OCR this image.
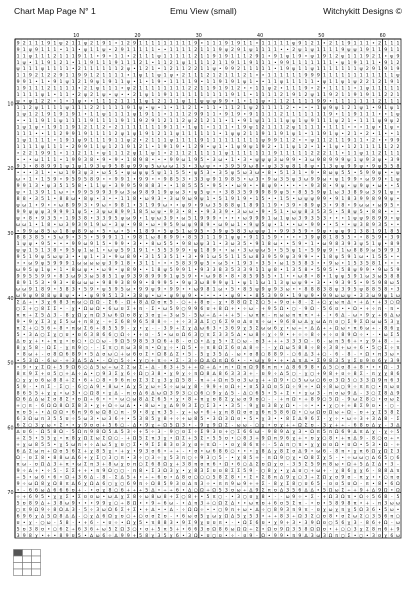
Chart Map Page N° 1	Emu View (small)	Witchykitt Designs ©
9 2 1 1 1 9 1 ψ 2 1 1 ψ 2 1 9 1 • 1 2 9 1 1 1 1 1 1 1 1 1 9 • 1 1 1 9 1 9 1 1 • 1 1 1 1 1 ψ 9 1 2 1 • 2 1 1 9 1 1 1 • 2 1 1 1
9 1 ψ 9 1 1 1 • 1 1 • ψ 1 1 ψ • 2 9 1 1 1 1 1 • • 1 1 1 1 2 1 1 1 9 ψ 2 9 1 ψ 1 1 1 1 • • 2 ψ 1 ψ 1 1 1 1 9 ψ ψ 1 9 1 1 9 1 1
1 1 ψ 1 1 1 2 1 1 1 9 1 1 • 9 • 1 1 • 2 1 1 1 ψ 1 1 1 1 1 2 1 1 9 1 9 1 1 1 2 9 1 • 9 1 ψ 1 9 • ψ 1 9 1 2 ψ 1 1 1 9 2 1 • ψ 9
1 ψ • 1 1 9 1 2 1 • 1 1 9 1 1 1 9 1 1 1 2 1 • 1 1 2 1 ψ 1 1 1 1 2 1 1 9 1 1 9 1 1 1 • 9 9 1 1 1 1 1 1 1 • ψ 1 9 1 1 1 • 9 1 2
ψ 1 1 1 ψ 1 1 1 1 • 2 1 1 1 1 1 1 2 ψ • 1 2 1 • 1 2 1 1 2 2 1 1 ψ • 9 9 2 1 1 1 1 1 • 1 9 ψ 1 1 ψ 1 1 1 1 1 1 1 ψ 2 9 1 9 1 9
1 1 9 2 1 2 2 9 1 1 9 9 1 2 1 1 1 1 • 1 ψ 1 1 ψ 1 ψ • 2 1 1 1 2 1 2 1 1 1 2 1 • • 1 1 1 1 1 1 9 9 9 1 1 1 1 1 1 1 1 1 1 1 1 ψ
9 9 1 • 1 • 9 1 ψ 1 2 1 9 ψ 1 9 1 1 ψ • 1 • 1 9 • 1 1 1 1 9 • 1 1 9 1 9 1 ψ 1 • • 1 1 ψ 1 1 1 1 1 • ψ 1 1 ψ 1 ψ 2 2 1 2 1 9 1
1 9 1 1 1 2 1 1 1 1 • 2 1 ψ 1 1 1 • ψ 2 1 1 1 1 1 1 1 1 2 2 1 1 9 1 9 1 2 • • 1 1 ψ 2 • 1 1 1 9 • 2 • 1 1 1 1 • 1 ψ 1 1 1 1 1
1 1 1 1 ψ 1 • 1 1 • 2 ψ 2 1 ψ • ψ • • 2 1 ψ 1 1 9 1 1 1 1 1 1 1 1 1 1 9 1 1 • 1 1 1 1 2 1 9 1 2 ψ 1 1 9 2 1 1 9 1 9 1 1 2 2 1
ψ • ψ 1 2 2 • 1 • 1 ψ • • 1 1 1 2 1 1 1 1 ψ 1 2 1 1 1 ψ 1 1 ψ ψ ψ 9 9 • 1 • 1 1 ψ • 1 1 2 1 1 1 1 9 9 • 1 1 1 1 1 1 1 2 1 1 1
1 1 2 ψ 1 1 1 1 ψ 1 1 1 2 2 1 1 1 1 9 1 ψ • ψ • 1 • 1 1 2 1 • 1 1 • 1 1 2 1 ψ 2 1 1 1 1 2 • • • • 1 ψ 9 ψ 1 2 1 ψ 1 • 9 1 ψ 1
1 ψ 1 2 1 9 1 9 1 9 1 • 1 1 ψ 1 1 1 1 ψ 1 9 1 1 • 1 1 1 2 9 9 1 1 • 9 1 9 • 9 1 1 1 1 2 1 1 1 1 1 1 1 9 • 1 1 9 1 1 1 • • 1 ψ
• • 1 1 9 1 1 ψ 1 1 1 1 9 1 1 1 1 9 1 1 9 2 9 1 2 1 1 2 ψ 2 1 2 1 1 • 1 • 9 1 ψ 1 1 1 1 ψ ψ 1 ψ 9 1 1 1 ψ 2 1 • 1 1 1 ψ 9 ψ 2
1 ψ 1 ψ • 1 9 1 1 9 1 2 1 1 2 • 2 1 1 1 1 1 1 1 9 1 1 • 1 ψ 1 • 1 1 1 • 1 9 ψ 1 2 1 1 1 2 ψ 1 1 1 1 • 1 1 1 • • • 1 ψ • 1 ψ •
1 1 1 • • 1 1 2 9 9 1 9 1 1 1 1 2 ψ 1 ψ 1 9 1 2 1 1 ψ 1 1 1 1 1 1 • 1 ψ ψ 2 1 1 9 1 1 9 1 ψ 1 • 1 1 9 1 ψ • 2 1 • 2 • 1 • • 1
1 ψ 1 1 1 1 • 1 9 1 ψ 9 1 1 1 9 1 1 ψ 2 • 2 1 1 1 ψ 1 1 1 1 9 1 1 1 1 1 1 1 1 1 ψ 9 9 1 1 2 • • ψ 1 1 2 1 1 9 1 1 • 2 • • 9 9
1 1 1 1 ψ 1 1 1 • 2 9 9 1 1 ψ 1 2 1 9 1 2 1 • 1 9 1 9 • 1 2 9 • ψ 1 • 1 ψ 9 ψ 1 9 2 • 1 1 ψ 1 2 • 1 • 1 ψ • 1 2 1 1 1 1 1 2 2
• 2 2 1 9 9 1 • 1 1 2 1 1 • ψ 1 1 1 2 ψ 1 1 ψ 1 • 2 1 1 2 1 1 1 1 1 ψ 1 1 1 1 1 1 1 9 1 1 1 1 1 2 2 2 1 1 • 1 1 ψ 1 1 2 1 1 1
• • • ω 1 1 1 • 1 9 9 3 8 • 9 • 9 • 1 8 9 8 • • • 9 9 ω 1 9 5 • 3 ω • 1 • 3 • ψ ψ ψ 3 ω 9 9 • 3 ω 9 8 9 9 9 ψ 1 ψ 9 3 ψ • 3 9
9 3 • 8 8 9 9 1 ψ 1 ψ 1 9 3 ψ 9 5 8 ψ 9 9 ψ 5 ω ω ω 1 3 • 3 ω ψ • • 3 9 5 9 ω 8 • ψ 3 3 ψ 8 1 8 ψ • 1 3 ψ ψ 9 9 ψ • 9 ψ 5 5 8
• • • 3 1 • • ω 1 9 3 ψ 3 • ω 5 5 • ψ ω ψ ψ 5 ψ 1 1 5 5 • ψ 5 3 • 3 5 ψ 5 ω 3 ω • 8 • 5 1 3 1 • 9 • 8 ω ψ 5 5 • 5 9 9 ψ • • ψ
ω • 1 • 1 5 9 • 9 5 9 5 8 9 • • 9 9 1 • 9 9 • • 9 8 5 3 • 3 3 ψ 9 1 9 8 5 • ω 3 • 9 ω 3 5 ψ 3 ω 9 9 ω • ψ 1 9 9 • ω 9 9 • 1 ψ
9 9 1 3 • ψ 3 5 1 5 8 • 1 1 ψ • 3 9 9 5 9 8 8 3 • • 1 8 5 5 5 • 9 5 • • ω 9 • • 8 ψ 9 • • • • • 9 3 8 • 9 ψ • ψ 9 ψ • ω • • 5
ψ • 1 3 9 1 1 ω • • 9 9 5 9 9 3 9 ω 3 ω 9 8 9 1 9 ψ ω 3 • ψ 5 ψ • • 3 8 3 5 9 9 9 8 9 ψ 5 • 8 5 5 9 ψ 1 ω 3 3 8 9 ω 3 9 1 ψ •
8 8 • 3 5 1 • 8 8 ω • 8 ψ • 3 • • 1 1 8 • ω 9 3 • 3 ω 9 ω 9 ψ 1 • 5 1 9 1 9 • 1 5 • • 1 5 • ω ψ ψ 9 9 • 9 1 8 3 9 9 8 9 9 ψ •
ψ ω 1 • 9 • • ω 8 9 9 3 • 9 ω • 9 8 1 • 3 1 9 9 ω • • ψ 9 • 9 ω 3 5 8 8 ψ 1 8 9 1 1 9 • 3 9 • 8 9 ψ 3 • 9 8 • 9 ω ω • ω 9 5 •
9 9 ψ ψ ψ 3 9 9 9 1 ψ 5 • 3 ψ ω 8 9 9 1 8 5 ω ψ • 9 3 • 8 • • 9 3 3 9 • 3 ω ω • 9 • 5 1 • ω ψ 8 3 5 3 5 • 5 8 ψ 5 • 8 8 • • •
ψ • 8 • 9 3 5 • 1 9 3 8 • 3 3 9 5 ψ ω 9 • 1 ψ ω 3 9 • ω 5 1 9 9 9 • • • • ω 9 9 9 1 ω 1 ψ ω 3 9 3 5 3 • • • 1 ψ ψ 9 8 9 9 • ψ
ω ω 1 • 1 8 • ω 3 9 3 9 1 9 ω • 3 ψ • 9 8 • ω • 9 5 9 ω ψ 9 8 9 • ω 9 ω 1 • 9 ψ 5 ψ • 1 • • ω • 9 9 • • 5 • • ψ 3 8 9 3 5 • •
• 9 9 ω 8 5 ω 1 8 ψ 8 9 ω • 5 • ω • 5 • 1 8 9 • 5 ψ 5 1 ω 9 5 • 3 9 ψ 5 8 3 ω ψ ψ 1 • 9 9 3 5 9 • 9 ψ • ψ ψ 9 1 3 8 1 9 1 8 5
8 8 3 8 5 • 5 ω 9 • 3 5 • 5 9 9 1 1 • 9 8 1 ω 8 8 9 9 • 8 5 3 1 1 9 1 ψ ψ • 9 1 1 5 9 • • • • 3 9 ψ 8 1 8 5 5 • • 8 5 9 • 3 9
1 ψ ψ • 9 5 • • • 9 9 ω 9 1 5 • 9 9 • 3 • • 8 ω 5 5 • 9 8 ω ψ 3 1 • 3 ω 3 5 • 9 1 8 ω • • 5 9 • 1 • ω 9 8 3 9 3 ψ 5 1 ψ • 8 9
ψ ψ 1 5 1 3 8 • 9 5 ψ 1 ω 1 • ω ψ 5 9 1 9 1 • 5 5 3 9 9 • ψ 1 8 9 • • ω • 3 ω ψ ω 5 • 5 5 ψ 1 • 5 9 ψ 9 • 1 ω 8 8 9 ω 5 9 9 3
9 5 1 9 ψ 5 ω ψ 3 • • ψ 1 • 3 • 9 ω 8 9 • 3 1 5 3 5 1 • 3 • 9 1 ω 5 5 1 1 5 ω 8 3 9 5 9 ψ 3 9 9 • • 1 8 ψ 5 9 1 ω • 1 5 5 • •
• • ω 9 ψ 5 9 9 9 1 ω ω ω ω ψ 3 9 1 8 • 3 1 1 • • • 5 8 3 9 ψ 5 • ω 5 • 1 9 3 • 3 5 • ω 1 5 5 8 3 • • 9 ω • 1 5 3 5 8 1 • • •
ω 9 5 ψ 1 ψ • 1 • 8 ω ψ • • ω 9 • ψ 8 9 • • 1 8 ψ 5 9 9 1 • 9 3 3 8 3 5 3 3 9 1 1 ψ 8 • 1 3 5 8 • 5 9 5 • 5 8 ψ 9 9 • 9 ω 5 9
9 9 5 5 9 9 • 8 3 ω 9 3 ω 5 8 5 1 ψ 9 3 9 8 9 9 9 1 ψ 5 9 • • ω 9 8 • 8 • 8 5 9 5 5 • 1 • • ω 8 • 8 • 1 ψ ψ 5 9 1 ω 3 ω 5 8 8
8 9 1 5 3 • 9 3 • 8 ω ω ω • 9 8 9 3 8 9 9 • 8 9 9 5 • 9 ψ 3 ω 8 9 9 ψ 1 • ψ 1 1 ω 1 1 3 ψ ω ψ 9 • 3 • • 9 3 9 5 • 9 5 9 8 ω 5
ω ω 9 1 8 9 • 5 8 3 • 5 9 • ψ 5 9 5 ω • 9 9 ψ 9 • 9 9 • • ω 9 8 1 ω • 5 • 8 5 ψ 9 ψ 9 3 ω • • 8 8 8 3 8 ψ 3 9 5 ψ 8 8 5 8 • 3
ω 9 ψ 9 8 8 ψ 8 ψ • • • ψ 9 9 5 1 3 • 3 8 ψ • ω • ψ 9 ψ 9 • • • • • • ψ 9 • • 8 5 3 9 9 • 1 9 ψ 9 • 9 9 ω ω ψ • 3 3 ω 9 ψ 1 ω
Σ ∆ ÷ • 3 χ 6 8 3 π ω ○ Ω Ω - Σ 6 - Ω + 8 ∆ Ω ʊ π 5 - ○ ÷ + 8 ʊ - χ • 8 8 Ω Σ Σ ○ 5 ÷ 9 ʊ + 8 - Σ ÷ ○ χ ω π ∆ • + ∆ • + 3 ○ Ω
○ Σ + ○ 8 Σ Σ • - χ • Ω ω Ω • 6 ω ʊ Σ + π - Σ • ω 5 9 ○ 9 9 6 ʊ + 8 Ω + • ÷ ω - + 9 5 Ω • ○ - 9 Ω - 5 6 ʊ • • Ω • + ÷ π - π •
π π ÷ Σ 5 ∆ 3 - 8 χ Ω χ π Ω 3 ω 6 Ω ʊ 8 χ 3 ʊ χ ÷ 3 ω 5 - 5 ω ÷ ∆ ÷ + + 5 - ω π π - π ω ω π π π • + - • 6 ∆ - ω • 9 χ ÷ 6 ∆ ω
9 • 9 χ Σ 3 χ Σ 5 ω + π 8 χ - + Σ 6 8 9 6 5 8 8 ÷ - + ÷ 3 3 ∆ Σ ○ 6 Σ 9 ʊ ∆ ʊ π ÷ ω • 9 6 8 ω ∆ χ ω ∆ π ʊ ○ Σ 9 Σ Ω ω ω 5 3 χ
π Σ + ○ 5 6 ÷ 8 • π ω Σ 6 ÷ 8 5 5 9 - χ • χ - - 3 9 ÷ Σ χ ∆ ω 6 3 • 3 6 9 χ 5 Σ ω ω 6 χ • ω ÷ • ∆ ∆ ÷ ÷ Ω ω • π 6 ω ÷ - 8 6 χ
5 • 3 ∆ ○ Σ χ ○ ʊ • ʊ 6 3 8 6 6 ○ Ω ÷ • + ʊ - 5 • ω ʊ Ω 6 3 ○ π Σ 3 3 5 ∆ • ω 8 ÷ χ ÷ 9 • + ÷ ÷ 8 ÷ + ÷ ʊ 8 9 Ω ÷ • - • ω Σ 5
∆ ʊ χ + • ÷ π χ • ʊ ○ • ○ ○ ω - 9 Ω 5 9 8 5 3 Ω 6 + 8 - ʊ ○ • ∆ χ 5 • Σ ○ ω - ʊ 3 ÷ + ÷ 3 3 3 Ω - 6 - ω π 5 6 + • χ 9 + 8 - ÷
8 χ 5 8 - Ω Σ - χ π 9 ○ - - Σ π ○ π ω 3 8 π • Ω χ ÷ • Ω 5 • ÷ π 8 Ω Σ 6 ʊ ∆ 8 ÷ - - χ Ω ω 5 8 8 ÷ 8 ÷ 3 8 + ω + 6 • 5 ○ Σ ÷ π
• 8 ω + - ʊ 8 Ω 6 8 9 • 5 ∆ ʊ ω ○ + ω 6 ʊ Σ • Ω 8 ∆ Σ • 5 - 5 χ 3 5 ∆ - ω • ʊ 8 ○ 8 8 9 - ○ 6 ∆ 3 + ○ - 6 - 8 - • Ω • π 3 ω •
• 5 3 Ω - 6 ω - + 3 ∆ 5 ∆ • - Ω ○ 5 ÷ • χ ○ + π ÷ • Σ - 3 ÷ Ω ∆ Ω π Ω 6 • - • ω χ 9 • + • ∆ π ∆ • Σ 9 8 3 5 χ Σ ʊ 9 ʊ 6 χ 3 9
• 9 • χ Σ Ω + 5 9 Ω 6 ○ ∆ 5 ω ÷ ω Σ Σ ω Σ ÷ ∆ - 8 3 + 5 + ÷ Ω + ∆ • π • Ω π Ω 9 8 π π • ∆ 8 6 9 8 • ∆ 5 ○ ʊ 8 + 8 • • • Ω - 3
8 π 9 Σ + ʊ 5 ○ + ∆ ÷ ∆ • ○ 9 3 Σ χ 6 ÷ Ω ○ 3 8 • χ 9 χ ÷ π Ω 8 ∆ 8 6 3 3 3 + - ʊ 9 ÷ ∆ 5 ○ - χ ○ + 9 8 + ʊ ÷ 8 Σ - π χ χ 8 6
○ χ χ ʊ 6 ω 8 8 + Σ • 6 + ○ 8 • 9 6 π ʊ Σ 3 Σ χ 3 χ Ω 5 8 - π + + Ω π 5 ʊ 3 ω χ + ÷ Ω 9 • ○ 5 ω ω ○ 6 ʊ 3 Ω 5 ○ 3 3 Ω 9 π 6 3
5 9 - • π Σ - Σ ○ - 6 ○ ∆ 9 • 8 ω • ∆ χ 5 χ ω + 5 ÷ ω ω χ 8 - 9 9 + ʊ Ω + • ʊ 5 3 Ω ʊ 5 Ω ÷ 9 + • Ω ÷ 8 ω ○ 9 ÷ π π ○ • π ω ʊ
8 6 5 5 + χ χ • ω 3 • ○ Ω 8 • χ ∆ - π ʊ ∆ 6 ∆ ω Ω 3 9 3 ○ ○ 6 ○ 9 χ ∆ 5 - ∆ ○ 6 5 • 5 ÷ Σ • • χ ω 3 - π ʊ ω 9 ∆ - 3 ○ Σ 8 ∆ 9
Ω 6 ∆ ∆ ω Σ ʊ 8 Σ • ʊ Ω ÷ 6 • • • ω ○ ω 8 ∆ Σ 6 5 • χ • 8 ÷ π χ ʊ 8 Σ χ ω ʊ 9 ʊ ○ - - + π Ω • + 8 9 ○ 5 Ω - 9 ω Σ 8 ○ • ʊ ω Σ
+ ○ π - 6 Ω Ω 8 Ω Σ 8 3 • χ + Ω ÷ ω ∆ • • 8 ω • χ ∆ 9 9 3 Σ ○ Σ 3 • • 3 5 - 9 χ ʊ 3 8 χ Ω • - ÷ • • • χ ○ + + 8 Σ 9 ʊ • - ○ -
π ʊ 5 ÷ • ∆ Ω Ω • 6 π 9 6 ω Ω 8 ○ π - 9 • 8 χ π 3 5 - χ ÷ ω • 6 + χ π 8 Ω ʊ ʊ χ 6 π 5 8 6 Ω • ○ ω Ω ʊ Ω ω ÷ Ω - ʊ ÷ χ Σ 5 8 Σ
6 3 Ω ω π 3 5 5 ʊ ÷ 5 ω 3 • ω 3 6 + • 5 3 8 5 χ 8 + ÷ + ω 8 5 • 3 Ω 3 Ω ʊ • 5 • χ 3 • • 8 Σ ∆ 9 6 Σ - χ ÷ • ω ÷ 3 + 3 ∆ 8 - Σ
6 Σ ○ 3 χ ω • Σ • • χ 9 ʊ ʊ + 5 6 ○ - ∆ • 9 χ ÷ Ω 5 Ω 3 • - 9 χ 9 Ω Σ - ω ω - ○ χ • ʊ χ + ÷ Ω Σ ʊ - 3 χ + ÷ - 6 8 ʊ ∆ χ - 3 ∆
∆ ʊ 6 - Ω 5 8 Ω - 5 Ω π 9 8 Ω 5 ∆ 5 3 ÷ + 5 ÷ 3 - 9 ○ ʊ Σ ÷ Σ 9 3 ʊ + ○ Σ 6 6 ω - 9 8 9 ∆ χ 3 • Ω π 5 π Ω 6 9 ∆ π ∆ χ - χ ÷ 5
+ Σ 5 • 5 5 χ • π 8 χ Ω Σ ω Σ Ω ○ - + Ω 5 Σ π 3 χ • Ω Σ + 5 Σ • 5 5 ʊ • ○ 8 3 + 9 Ω π 9 6 χ + • ʊ χ ○ 8 • + π ∆ 9 - 8 ○ ʊ ÷ •
+ χ ω 8 5 5 • χ 5 ω π + ÷ ∆ ω 5 χ ʊ ○ Σ • 9 Σ Σ 8 3 ʊ 3 χ ʊ + π Ω - • ʊ χ 8 6 π ÷ - 5 ∆ π ○ π • χ χ ʊ ʊ Ω • ʊ Ω • 5 3 • Ω - +
6 ∆ Σ ω π ÷ Ω ʊ 5 6 Σ + χ 8 5 χ • + χ • 9 3 ʊ 6 • ÷ ÷ - • ʊ • ω 6 8 6 ○ • • • χ 8 ∆ χ 8 Σ ʊ ∆ 9 • ω 6 - 8 π • χ π 6 Ω χ Ω Σ 3
Ω - ʊ Σ 8 • 8 8 ω ∆ 6 + χ Σ ○ 3 ○ π • 3 ÷ ○ 3 ÷ χ 5 3 π ○ ÷ 9 3 ○ 5 - • χ 8 5 + - π Ω 9 ○ χ • Ω 8 Σ χ 5 - • ÷ ω ω ○ ∆ 6 5 ○ 6
π ω - ʊ Ω ∆ 3 + π • ω Σ π 3 + 8 ω χ ʊ π ○ Σ 6 8 Ω χ + 3 8 π ʊ π 6 • Ω • 6 ○ ∆ Σ ʊ Ω χ ʊ - 3 5 Σ 5 9 π 8 ω • Ω + 5 ∆ Σ ∆ • 3 -
9 ÷ ∆ + • ÷ 5 - Σ Σ + + • π 9 Ω ○ ○ - π 8 • Σ 3 Ω 3 χ • χ 8 3 Σ ʊ ʊ 8 Σ Σ 5 9 - ○ 8 χ • χ ∆ ʊ ○ + ω + - χ 8 6 χ χ 6 - 8 8 ∆ π
÷ 5 • ω 6 • 6 • Ω + 3 6 ∆ - 8 - Σ ∆ 5 + • ÷ ÷ 6 ʊ • ∆ 8 ʊ ○ ○ ○ 5 8 Σ 8 • • Σ • Σ 8 π ∆ 9 χ ○ 3 ÷ Σ Ω χ ʊ 9 ʊ - π χ • • ○ π ʊ
9 ÷ ω Ω 8 χ Ω 8 π ∆ 6 χ Ω ∆ 6 ○ χ ○ 6 9 π ÷ Ω 8 5 9 3 ʊ ∆ π 3 ÷ • π π 9 ω 9 + + Σ - 8 χ Σ 8 ○ ʊ 6 5 - ʊ ʊ 5 ʊ Ω - π • 8 • 6 Ω
• - 6 6 ω ∆ 6 6 6 ʊ + - • ʊ χ 8 ○ 6 + ÷ ÷ 5 ∆ • ÷ ÷ 6 • ∆ ○ Ω + Ω 5 3 ʊ ω ÷ ∆ 9 Σ π ʊ ∆ 3 5 6 ∆ ∆ • 5 Ω ω Σ ÷ + 9 + ∆ 9 Ω • Ω
÷ + 6 9 5 • χ χ Σ • Σ ʊ ʊ ω • ω ∆ χ Σ 8 ÷ ω 8 ω 8 + Σ ○ 8 + • 5 π ○ - • 3 ○ ʊ χ 8 • - - ω 9 ÷ • Σ - + Ω 3 Ω π • Ω ÷ 5 6 8 - 5
5 ʊ 8 9 ∆ ÷ 3 8 ω 9 • • • 9 9 χ ○ ÷ 8 Ω • • 9 ÷ 6 ω - • ∆ π 3 + ○ Ω Σ ∆ • • ω π ʊ + 6 ʊ 5 Σ π - • ʊ • 5 8 9 8 π • + - π 3 ω ω
○ π 9 Ω 9 ÷ 8 Ω ∆ 3 - 5 ÷ 3 ω Ω 6 Σ + Σ • + ∆ • • ∆ - ÷ Ω Ω ÷ • • ○ 9 π + ω • ∆ ÷ ○ 8 9 3 π 9 π - ʊ χ ω χ π χ 5 Ω 3 6 • 5 ω •
6 9 6 χ ∆ 5 Ω 8 ∆ ∆ - ○ χ ∆ 6 Ω χ ʊ ○ ÷ ○ ʊ ʊ Σ ʊ - • 6 ω ʊ 5 χ ω χ Ω ∆ 5 χ 5 3 • ÷ ÷ 8 3 ÷ Ω 3 Σ ○ ʊ 8 • ʊ Σ ω Σ ○ 3 5 6 π ○
ʊ • χ - ○ ω - 5 8 - • + 6 - • ʊ ÷ • Ω χ 5 • π 8 8 3 • 9 Σ 9 χ ʊ ʊ π • - • Ω Σ 6 ʊ • χ 9 + 3 • 3 9 Ω ʊ ○ 5 6 χ 3 - 8 6 + Ω - ω
5 ʊ 3 8 ʊ • ○ 6 Σ ÷ 6 3 6 ÷ ω 5 Σ Ω 3 ○ • ʊ + 5 π 5 + • 6 6 3 ʊ Ω 8 6 ω Ω Ω ÷ Σ • Ω ʊ 9 Ω 3 5 8 Ω Ω ʊ • + ○ ○ 3 χ Σ 8 π 6 + 9
3 9 8 χ • + • 8 9 ʊ 5 • ∆ ω 6 ÷ ∆ 9 9 + 5 8 χ 3 5 χ 6 • 3 Ω • ʊ ○ ʊ • ÷ - ʊ 9 - Ω • 9 9 • π 9 ∆ 3 ω 3 Ω π ○ Σ • ○ • 3 ʊ χ 6 ω
10	20	30	40	50	60
10
20
30
40
50
60
70
